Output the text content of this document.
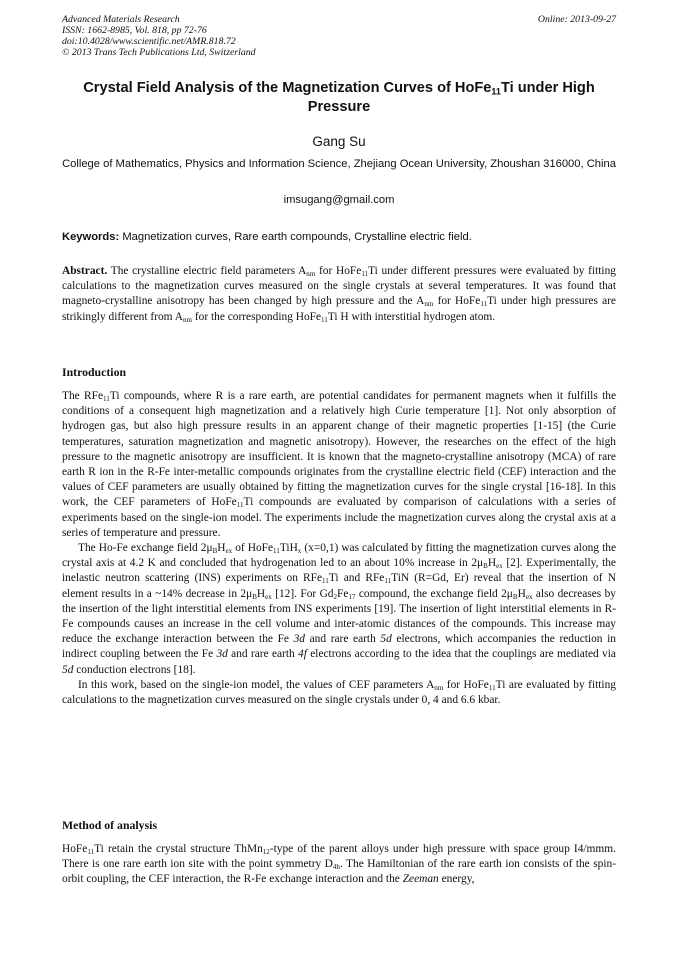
Advanced Materials Research
ISSN: 1662-8985, Vol. 818, pp 72-76
doi:10.4028/www.scientific.net/AMR.818.72
© 2013 Trans Tech Publications Ltd, Switzerland
Online: 2013-09-27
Crystal Field Analysis of the Magnetization Curves of HoFe$_{11}$Ti under High Pressure
Gang Su
College of Mathematics, Physics and Information Science, Zhejiang Ocean University, Zhoushan 316000, China
imsugang@gmail.com
Keywords: Magnetization curves, Rare earth compounds, Crystalline electric field.
Abstract. The crystalline electric field parameters $A_{nm}$ for HoFe$_{11}$Ti under different pressures were evaluated by fitting calculations to the magnetization curves measured on the single crystals at several temperatures. It was found that magneto-crystalline anisotropy has been changed by high pressure and the $A_{nm}$ for HoFe$_{11}$Ti under high pressures are strikingly different from $A_{nm}$ for the corresponding HoFe$_{11}$Ti H with interstitial hydrogen atom.
Introduction

The RFe$_{11}$Ti compounds, where R is a rare earth, are potential candidates for permanent magnets when it fulfills the conditions of a consequent high magnetization and a relatively high Curie temperature [1]. Not only absorption of hydrogen gas, but also high pressure results in an apparent change of their magnetic properties [1-15] (the Curie temperatures, saturation magnetization and magnetic anisotropy). However, the researches on the effect of the high pressure to the magnetic anisotropy are insufficient. It is known that the magneto-crystalline anisotropy (MCA) of rare earth R ion in the R-Fe inter-metallic compounds originates from the crystalline electric field (CEF) interaction and the values of CEF parameters are usually obtained by fitting the magnetization curves for the single crystal [16-18]. In this work, the CEF parameters of HoFe$_{11}$Ti compounds are evaluated by comparison of calculations with a series of experiments based on the single-ion model. The experiments include the magnetization curves along the crystal axis at a series of temperature and pressure.

The Ho-Fe exchange field $2\mu_BH_{ex}$ of HoFe$_{11}$TiH$_x$ (x=0,1) was calculated by fitting the magnetization curves along the crystal axis at 4.2 K and concluded that hydrogenation led to an about 10% increase in $2\mu_BH_{ex}$ [2]. Experimentally, the inelastic neutron scattering (INS) experiments on RFe$_{11}$Ti and RFe$_{11}$TiN (R=Gd, Er) reveal that the insertion of N element results in a ~14% decrease in $2\mu_BH_{ex}$ [12]. For $Gd_2Fe_{17}$ compound, the exchange field $2\mu_BH_{ex}$ also decreases by the insertion of the light interstitial elements from INS experiments [19]. The insertion of light interstitial elements in R-Fe compounds causes an increase in the cell volume and inter-atomic distances of the compounds. This increase may reduce the exchange interaction between the Fe 3d and rare earth 5d electrons, which accompanies the reduction in indirect coupling between the Fe 3d and rare earth 4f electrons according to the idea that the couplings are mediated via 5d conduction electrons [18].

In this work, based on the single-ion model, the values of CEF parameters $A_{nm}$ for HoFe$_{11}$Ti are evaluated by fitting calculations to the magnetization curves measured on the single crystals under 0, 4 and 6.6 kbar.

Method of analysis

HoFe$_{11}$Ti retain the crystal structure ThMn$_{12}$-type of the parent alloys under high pressure with space group I4/mmm. There is one rare earth ion site with the point symmetry $D_{4h}$. The Hamiltonian of the rare earth ion consists of the spin-orbit coupling, the CEF interaction, the R-Fe exchange interaction and the Zeeman energy,
